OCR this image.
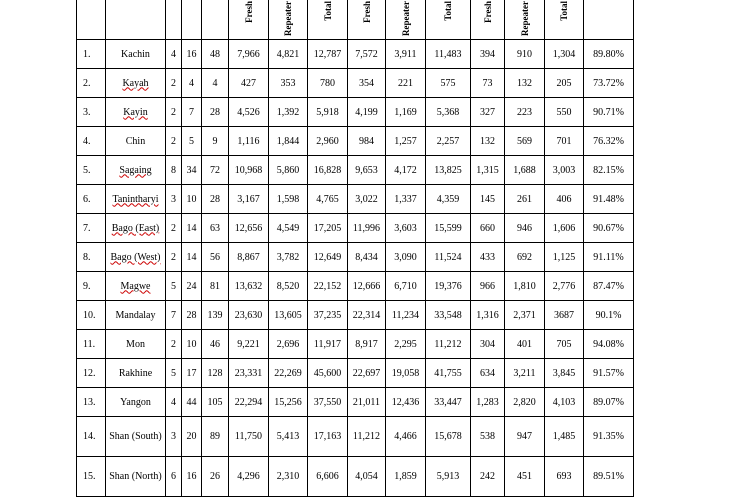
					Fresh	Repeater	Total	Fresh	Repeater	Total	Fresh	Repeater	Total	
1.	Kachin	4	16	48	7,966	4,821	12,787	7,572	3,911	11,483	394	910	1,304	89.80%
2.	Kayah	2	4	4	427	353	780	354	221	575	73	132	205	73.72%
3.	Kayin	2	7	28	4,526	1,392	5,918	4,199	1,169	5,368	327	223	550	90.71%
4.	Chin	2	5	9	1,116	1,844	2,960	984	1,257	2,257	132	569	701	76.32%
5.	Sagaing	8	34	72	10,968	5,860	16,828	9,653	4,172	13,825	1,315	1,688	3,003	82.15%
6.	Tanintharyi	3	10	28	3,167	1,598	4,765	3,022	1,337	4,359	145	261	406	91.48%
7.	Bago (East)	2	14	63	12,656	4,549	17,205	11,996	3,603	15,599	660	946	1,606	90.67%
8.	Bago (West)	2	14	56	8,867	3,782	12,649	8,434	3,090	11,524	433	692	1,125	91.11%
9.	Magwe	5	24	81	13,632	8,520	22,152	12,666	6,710	19,376	966	1,810	2,776	87.47%
10.	Mandalay	7	28	139	23,630	13,605	37,235	22,314	11,234	33,548	1,316	2,371	3687	90.1%
11.	Mon	2	10	46	9,221	2,696	11,917	8,917	2,295	11,212	304	401	705	94.08%
12.	Rakhine	5	17	128	23,331	22,269	45,600	22,697	19,058	41,755	634	3,211	3,845	91.57%
13.	Yangon	4	44	105	22,294	15,256	37,550	21,011	12,436	33,447	1,283	2,820	4,103	89.07%
14.	Shan (South)	3	20	89	11,750	5,413	17,163	11,212	4,466	15,678	538	947	1,485	91.35%
15.	Shan (North)	6	16	26	4,296	2,310	6,606	4,054	1,859	5,913	242	451	693	89.51%
